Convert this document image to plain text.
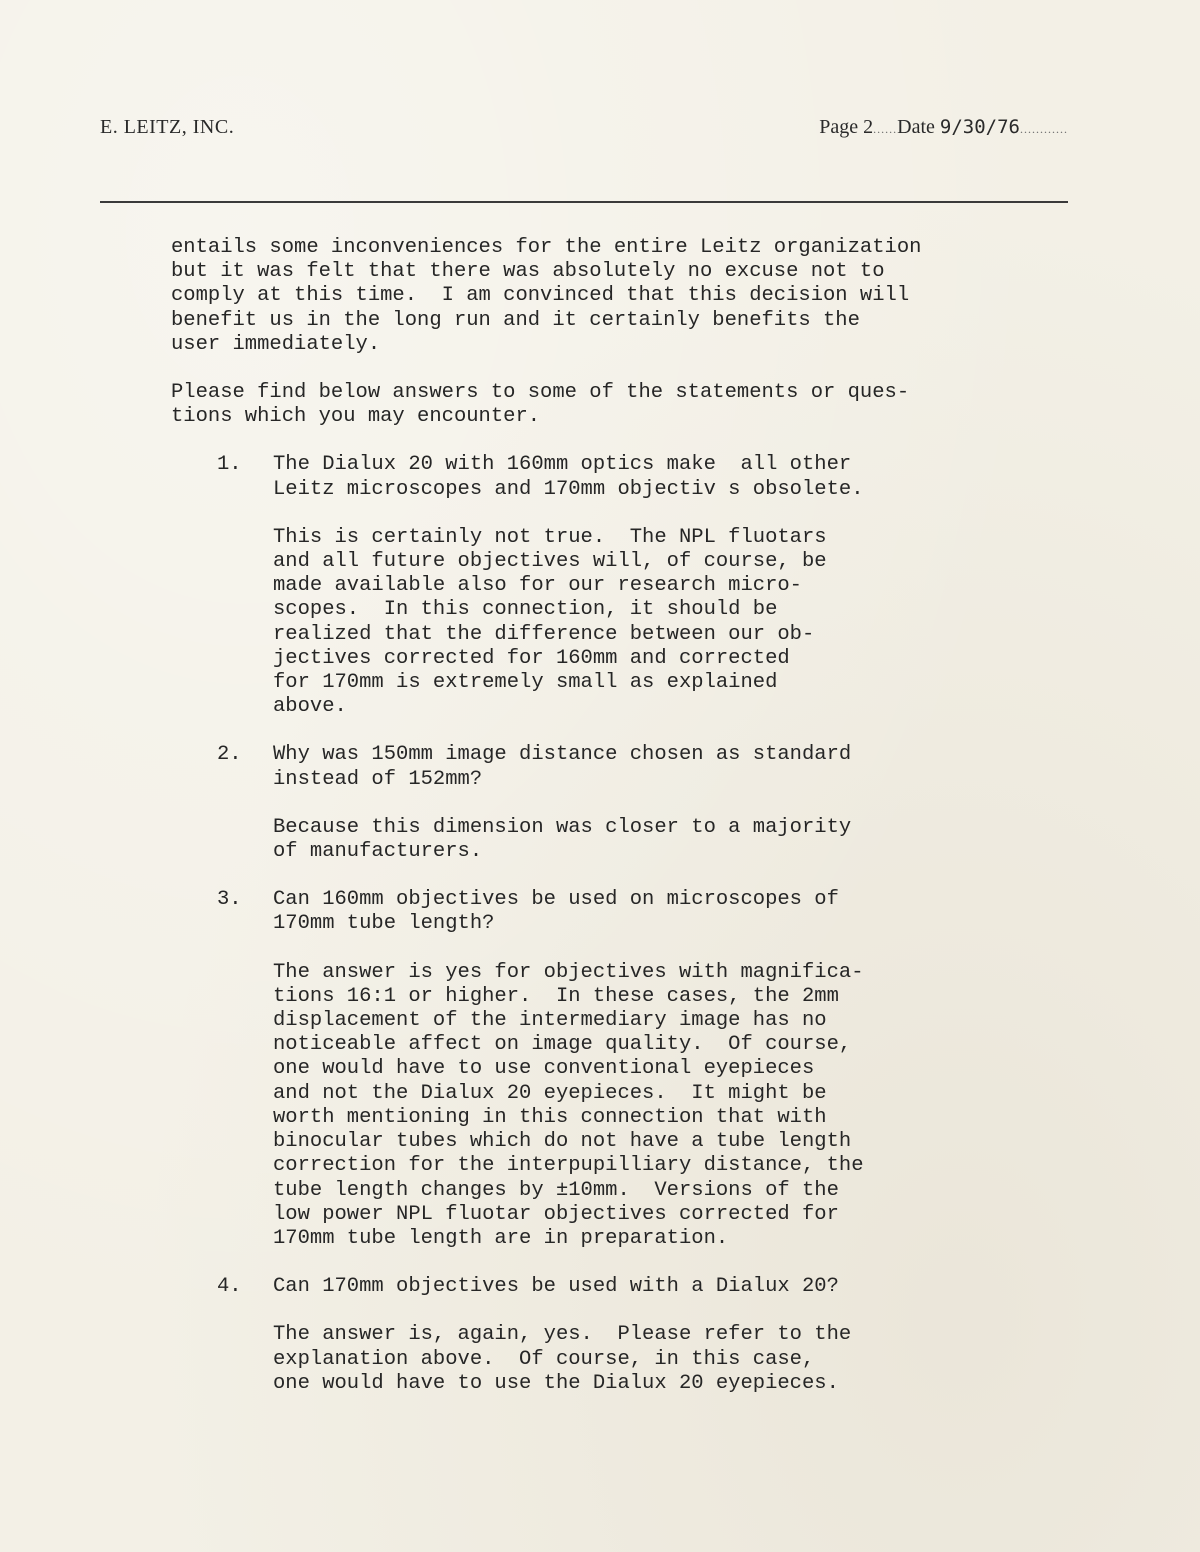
E. LEITZ, INC.	Page 2......Date 9/30/76............
entails some inconveniences for the entire Leitz organization
but it was felt that there was absolutely no excuse not to
comply at this time.  I am convinced that this decision will
benefit us in the long run and it certainly benefits the
user immediately.
Please find below answers to some of the statements or ques-
tions which you may encounter.
1. The Dialux 20 with 160mm optics make  all other
Leitz microscopes and 170mm objectiv s obsolete.
This is certainly not true.  The NPL fluotars
and all future objectives will, of course, be
made available also for our research micro-
scopes.  In this connection, it should be
realized that the difference between our ob-
jectives corrected for 160mm and corrected
for 170mm is extremely small as explained
above.
2. Why was 150mm image distance chosen as standard
instead of 152mm?
Because this dimension was closer to a majority
of manufacturers.
3. Can 160mm objectives be used on microscopes of
170mm tube length?
The answer is yes for objectives with magnifica-
tions 16:1 or higher.  In these cases, the 2mm
displacement of the intermediary image has no
noticeable affect on image quality.  Of course,
one would have to use conventional eyepieces
and not the Dialux 20 eyepieces.  It might be
worth mentioning in this connection that with
binocular tubes which do not have a tube length
correction for the interpupilliary distance, the
tube length changes by ±10mm.  Versions of the
low power NPL fluotar objectives corrected for
170mm tube length are in preparation.
4. Can 170mm objectives be used with a Dialux 20?
The answer is, again, yes.  Please refer to the
explanation above.  Of course, in this case,
one would have to use the Dialux 20 eyepieces.
